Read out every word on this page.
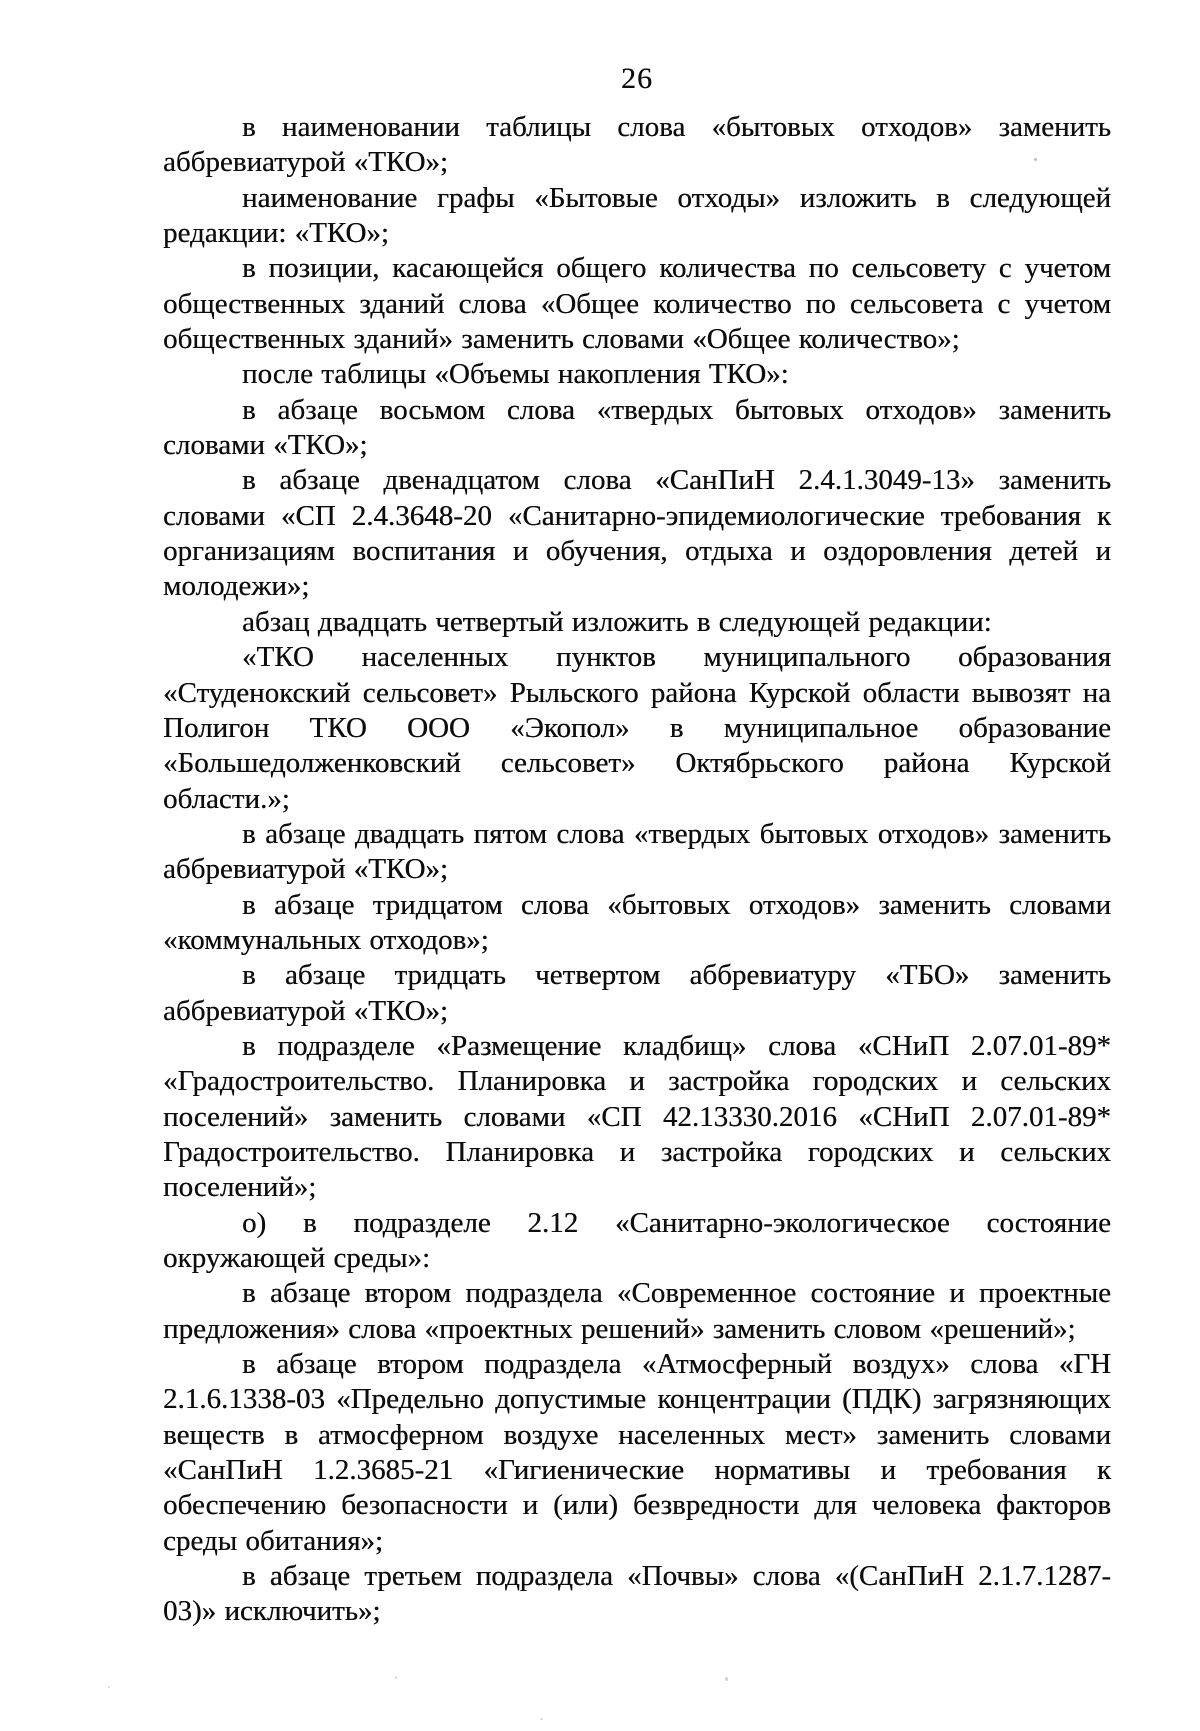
26

в наименовании таблицы слова «бытовых отходов» заменить аббревиатурой «ТКО»;

наименование графы «Бытовые отходы» изложить в следующей редакции: «ТКО»;

в позиции, касающейся общего количества по сельсовету с учетом общественных зданий слова «Общее количество по сельсовета с учетом общественных зданий» заменить словами «Общее количество»;

после таблицы «Объемы накопления ТКО»:

в абзаце восьмом слова «твердых бытовых отходов» заменить словами «ТКО»;

в абзаце двенадцатом слова «СанПиН 2.4.1.3049-13» заменить словами «СП 2.4.3648-20 «Санитарно-эпидемиологические требования к организациям воспитания и обучения, отдыха и оздоровления детей и молодежи»;

абзац двадцать четвертый изложить в следующей редакции:

«ТКО населенных пунктов муниципального образования «Студенокский сельсовет» Рыльского района Курской области вывозят на Полигон ТКО ООО «Экопол» в муниципальное образование «Большедолженковский сельсовет» Октябрьского района Курской области.»;

в абзаце двадцать пятом слова «твердых бытовых отходов» заменить аббревиатурой «ТКО»;

в абзаце тридцатом слова «бытовых отходов» заменить словами «коммунальных отходов»;

в абзаце тридцать четвертом аббревиатуру «ТБО» заменить аббревиатурой «ТКО»;

в подразделе «Размещение кладбищ» слова «СНиП 2.07.01-89* «Градостроительство. Планировка и застройка городских и сельских поселений» заменить словами «СП 42.13330.2016 «СНиП 2.07.01-89* Градостроительство. Планировка и застройка городских и сельских поселений»;

о) в подразделе 2.12 «Санитарно-экологическое состояние окружающей среды»:

в абзаце втором подраздела «Современное состояние и проектные предложения» слова «проектных решений» заменить словом «решений»;

в абзаце втором подраздела «Атмосферный воздух» слова «ГН 2.1.6.1338-03 «Предельно допустимые концентрации (ПДК) загрязняющих веществ в атмосферном воздухе населенных мест» заменить словами «СанПиН 1.2.3685-21 «Гигиенические нормативы и требования к обеспечению безопасности и (или) безвредности для человека факторов среды обитания»;

в абзаце третьем подраздела «Почвы» слова «(СанПиН 2.1.7.1287-03)» исключить»;
